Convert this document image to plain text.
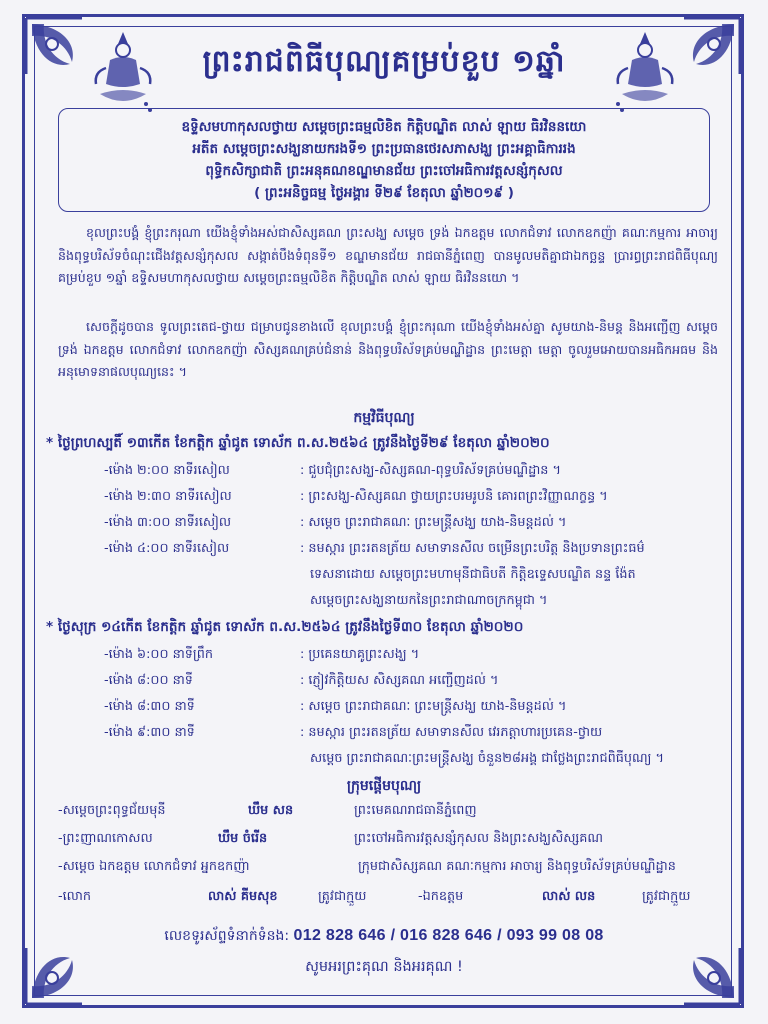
ព្រះរាជពិធីបុណ្យគម្រប់ខួប ១ឆ្នាំ
ឧទ្ទិសមហាកុសលថ្វាយ សម្ដេចព្រះធម្មលិខិត កិត្តិបណ្ឌិត លាស់ ឡាយ ធិរវិននយោ
អតីត សម្ដេចព្រះសង្ឃនាយករងទី១ ព្រះប្រធានថេរសភាសង្ឃ ព្រះអគ្គាធិការរង
ពុទ្ធិកសិក្សាជាតិ ព្រះអនុគណខណ្ឌមានជ័យ ព្រះចៅអធិការវត្តសន្សំកុសល
( ព្រះអនិច្ចធម្ម ថ្ងៃអង្គារ ទី២៩ ខែតុលា ឆ្នាំ២០១៩ )
ខុលព្រះបង្គំ ខ្ញុំព្រះករុណា យើងខ្ញុំទាំងអស់ជាសិស្សគណ ព្រះសង្ឃ សម្ដេច ទ្រង់ ឯកឧត្ដម លោកជំទាវ លោកឧកញ៉ា គណៈកម្មការ អាចារ្យ និងពុទ្ធបរិស័ទចំណុះជើងវត្តសន្សំកុសល សង្កាត់បឹងទំពុនទី១ ខណ្ឌមានជ័យ រាជធានីភ្នំពេញ បានមូលមតិគ្នាជាឯកច្ឆន្ទ ប្រារព្ធព្រះរាជពិធីបុណ្យគម្រប់ខួប ១ឆ្នាំ ឧទ្ទិសមហាកុសលថ្វាយ សម្ដេចព្រះធម្មលិខិត កិត្តិបណ្ឌិត លាស់ ឡាយ ធិរវិននយោ ។
សេចក្ដីដូចបាន ទូលព្រះតេជ-ថ្វាយ ជម្រាបជូនខាងលើ ខុលព្រះបង្គំ ខ្ញុំព្រះករុណា យើងខ្ញុំទាំងអស់គ្នា សូមយាង-និមន្ត និងអញ្ជើញ សម្ដេច ទ្រង់ ឯកឧត្ដម លោកជំទាវ លោកឧកញ៉ា សិស្សគណគ្រប់ជំនាន់ និងពុទ្ធបរិស័ទគ្រប់មណ្ឌិដ្ឋាន ព្រះមេត្តា មេត្តា ចូលរួមអោយបានអធិកអធម និងអនុមោទនាផលបុណ្យនេះ ។
កម្មវិធីបុណ្យ
* ថ្ងៃព្រហស្បតិ៍ ១៣កើត ខែកត្ដិក ឆ្នាំជូត ទោស័ក ព.ស.២៥៦៤ ត្រូវនឹងថ្ងៃទី២៩ ខែតុលា ឆ្នាំ២០២០
-ម៉ោង ២:០០ នាទីរសៀល	: ជួបជុំព្រះសង្ឃ-សិស្សគណ-ពុទ្ធបរិស័ទគ្រប់មណ្ឌិដ្ឋាន ។
-ម៉ោង ២:៣០ នាទីរសៀល	: ព្រះសង្ឃ-សិស្សគណ ថ្វាយព្រះបរមរូបនិ គោរពព្រះវិញ្ញាណក្ខន្ធ ។
-ម៉ោង ៣:០០ នាទីរសៀល	: សម្ដេច ព្រះរាជាគណៈ ព្រះមន្ត្រីសង្ឃ យាង-និមន្តដល់ ។
-ម៉ោង ៤:០០ នាទីរសៀល	: នមស្ការ ព្រះរតនត្រ័យ សមាទានសីល ចម្រើនព្រះបរិត្ត និងប្រទានព្រះធម៌
ទេសនាដោយ សម្ដេចព្រះមហាមុនីជាធិបតី កិត្តិឧទ្ទេសបណ្ឌិត នន្ទ ង៉ែត
សម្ដេចព្រះសង្ឃនាយកនៃព្រះរាជាណាចក្រកម្ពុជា ។
* ថ្ងៃសុក្រ ១៤កើត ខែកត្ដិក ឆ្នាំជូត ទោស័ក ព.ស.២៥៦៤ ត្រូវនឹងថ្ងៃទី៣០ ខែតុលា ឆ្នាំ២០២០
-ម៉ោង ៦:០០ នាទីព្រឹក	: ប្រគេនយាគូព្រះសង្ឃ ។
-ម៉ោង ៨:០០ នាទី	: ភ្ញៀវកិត្តិយស សិស្សគណ អញ្ជើញដល់ ។
-ម៉ោង ៨:៣០ នាទី	: សម្ដេច ព្រះរាជាគណៈ ព្រះមន្ត្រីសង្ឃ យាង-និមន្តដល់ ។
-ម៉ោង ៩:៣០ នាទី	: នមស្ការ ព្រះរតនត្រ័យ សមាទានសីល វេរភត្តាហារប្រគេន-ថ្វាយ
សម្ដេច ព្រះរាជាគណៈព្រះមន្ត្រីសង្ឃ ចំនួន២៨អង្គ ជាថ្លែងព្រះរាជពិធីបុណ្យ ។
ក្រុមផ្ដើមបុណ្យ
-សម្ដេចព្រះពុទ្ធជ័យមុនី	ឃឹម សន	ព្រះមេគណរាជធានីភ្នំពេញ
-ព្រះញាណកោសល	ឃឹម ចំរើន	ព្រះចៅអធិការវត្តសន្សំកុសល និងព្រះសង្ឃសិស្សគណ
-សម្ដេច ឯកឧត្ដម លោកជំទាវ អ្នកឧកញ៉ា	ក្រុមជាសិស្សគណ គណៈកម្មការ អាចារ្យ និងពុទ្ធបរិស័ទគ្រប់មណ្ឌិដ្ឋាន
-លោក	លាស់ គីមសុខ	ត្រូវជាក្មួយ	-ឯកឧត្ដម	លាស់ លន	ត្រូវជាក្មួយ
លេខទូរស័ព្ទទំនាក់ទំនង: 012 828 646 / 016 828 646 / 093 99 08 08
សូមអរព្រះគុណ និងអរគុណ !
